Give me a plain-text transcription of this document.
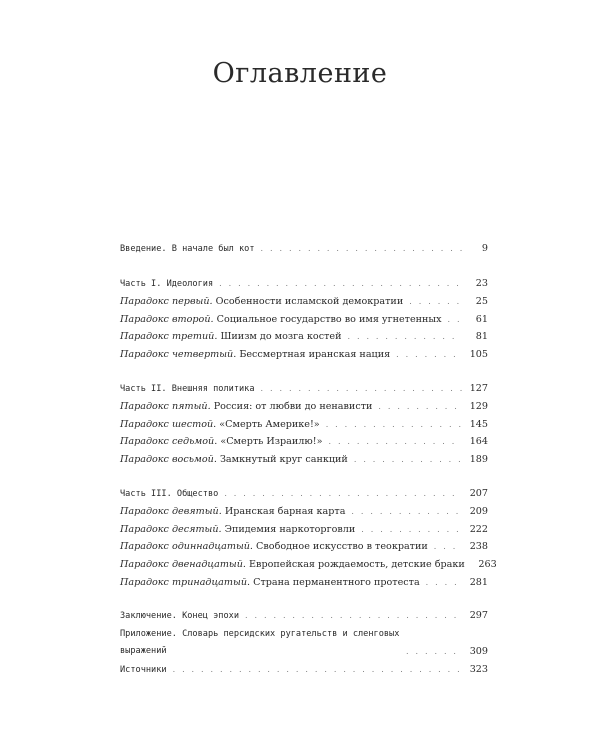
Оглавление
Введение. В начале был кот . . .	9
Часть I. Идеология . . .	23
Парадокс первый. Особенности исламской демократии . . .	25
Парадокс второй. Социальное государство во имя угнетенных . . .	61
Парадокс третий. Шиизм до мозга костей . . .	81
Парадокс четвертый. Бессмертная иранская нация . . .	105
Часть II. Внешняя политика . . .	127
Парадокс пятый. Россия: от любви до ненависти . . .	129
Парадокс шестой. «Смерть Америке!» . . .	145
Парадокс седьмой. «Смерть Израилю!» . . .	164
Парадокс восьмой. Замкнутый круг санкций . . .	189
Часть III. Общество . . .	207
Парадокс девятый. Иранская барная карта . . .	209
Парадокс десятый. Эпидемия наркоторговли . . .	222
Парадокс одиннадцатый. Свободное искусство в теократии . . .	238
Парадокс двенадцатый. Европейская рождаемость, детские браки 263
Парадокс тринадцатый. Страна перманентного протеста . . .	281
Заключение. Конец эпохи . . .	297
Приложение. Словарь персидских ругательств и сленговых выражений . . .	309
Источники . . .	323
